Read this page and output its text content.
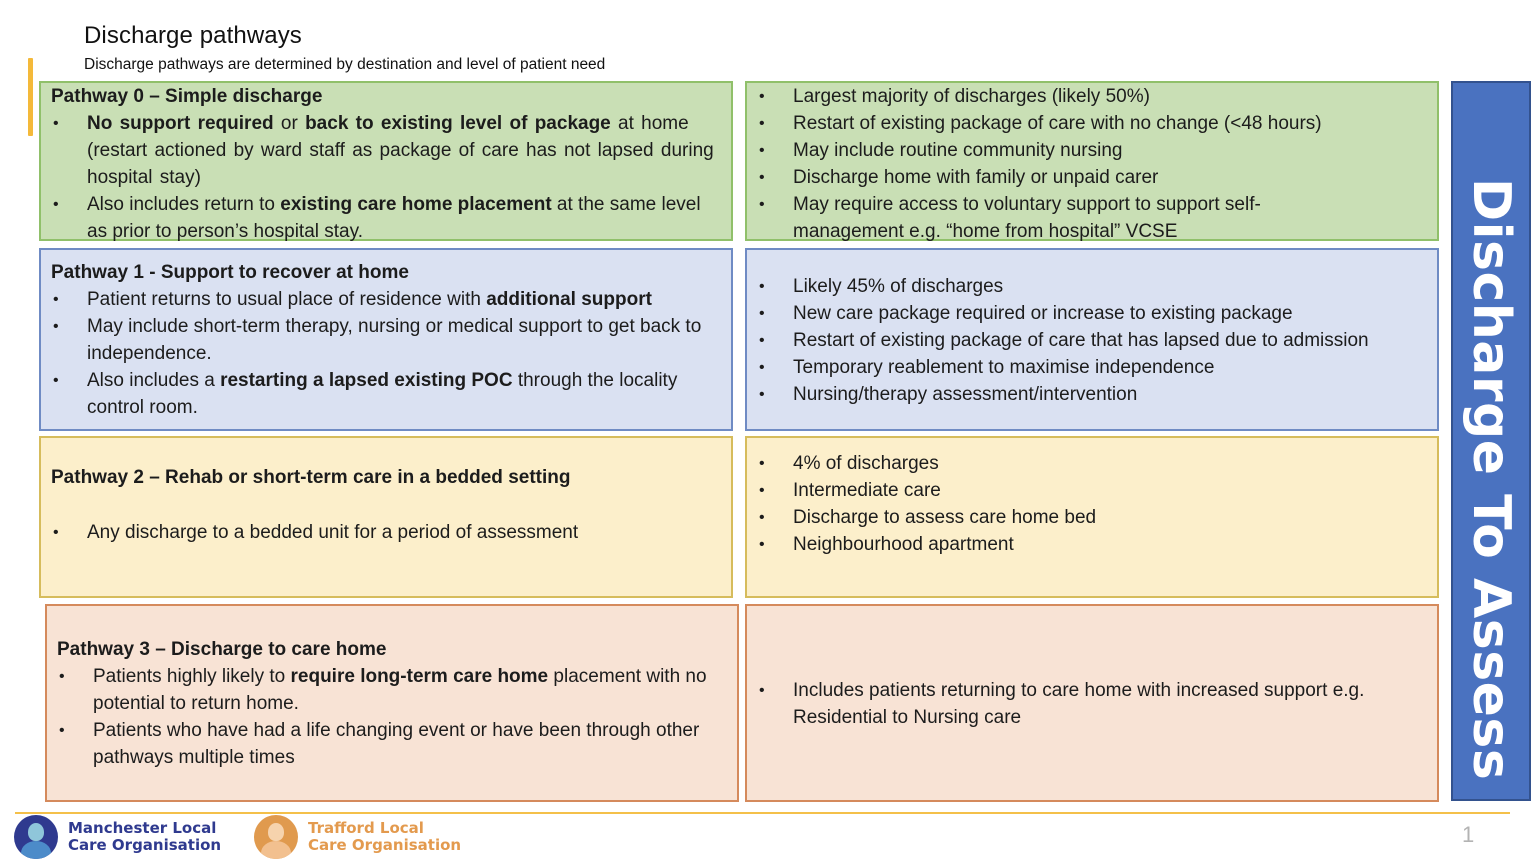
Discharge pathways
Discharge pathways are determined by destination and level of patient need
Pathway 0 – Simple discharge
• No support required or back to existing level of package at home (restart actioned by ward staff as package of care has not lapsed during hospital stay)
• Also includes return to existing care home placement at the same level as prior to person’s hospital stay.
• Largest majority of discharges (likely 50%)
• Restart of existing package of care with no change (<48 hours)
• May include routine community nursing
• Discharge home with family or unpaid carer
• May require access to voluntary support to support self-management e.g. “home from hospital” VCSE
Pathway 1 - Support to recover at home
• Patient returns to usual place of residence with additional support
• May include short-term therapy, nursing or medical support to get back to independence.
• Also includes a restarting a lapsed existing POC through the locality control room.
• Likely 45% of discharges
• New care package required or increase to existing package
• Restart of existing package of care that has lapsed due to admission
• Temporary reablement to maximise independence
• Nursing/therapy assessment/intervention
Pathway 2 – Rehab or short-term care in a bedded setting
• Any discharge to a bedded unit for a period of assessment
• 4% of discharges
• Intermediate care
• Discharge to assess care home bed
• Neighbourhood apartment
Pathway 3 – Discharge to care home
• Patients highly likely to require long-term care home placement with no potential to return home.
• Patients who have had a life changing event or have been through other pathways multiple times
• Includes patients returning to care home with increased support e.g. Residential to Nursing care	Discharge To Assess
Manchester Local
Care Organisation
Trafford Local
Care Organisation	1
